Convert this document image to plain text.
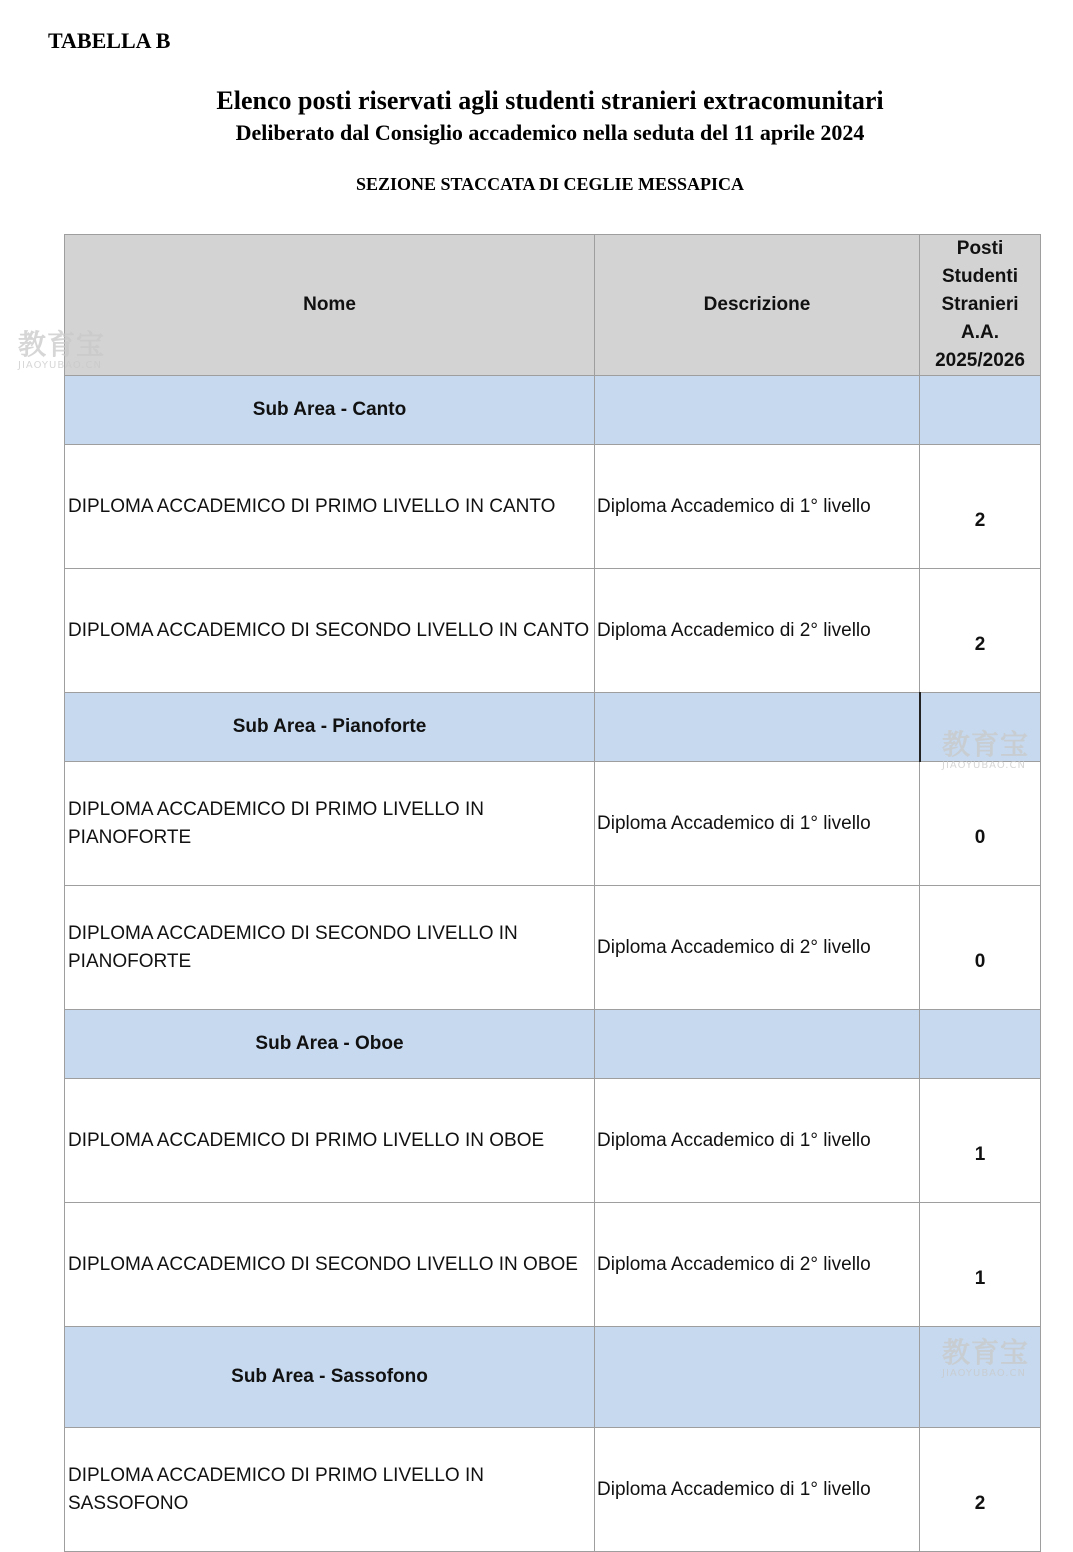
TABELLA B
Elenco posti riservati agli studenti stranieri extracomunitari
Deliberato dal Consiglio accademico nella seduta del 11 aprile 2024
SEZIONE STACCATA DI CEGLIE MESSAPICA
Nome	Descrizione	Posti Studenti Stranieri A.A. 2025/2026
Sub Area - Canto		
DIPLOMA ACCADEMICO DI PRIMO LIVELLO IN CANTO	Diploma Accademico di 1° livello	2
DIPLOMA ACCADEMICO DI SECONDO LIVELLO IN CANTO	Diploma Accademico di 2° livello	2
Sub Area - Pianoforte		
DIPLOMA ACCADEMICO DI PRIMO LIVELLO IN PIANOFORTE	Diploma Accademico di 1° livello	0
DIPLOMA ACCADEMICO DI SECONDO LIVELLO IN PIANOFORTE	Diploma Accademico di 2° livello	0
Sub Area - Oboe		
DIPLOMA ACCADEMICO DI PRIMO LIVELLO IN OBOE	Diploma Accademico di 1° livello	1
DIPLOMA ACCADEMICO DI SECONDO LIVELLO IN OBOE	Diploma Accademico di 2° livello	1
Sub Area - Sassofono		
DIPLOMA ACCADEMICO DI PRIMO LIVELLO IN SASSOFONO	Diploma Accademico di 1° livello	2
教育宝
JIAOYUBAO.CN
教育宝
JIAOYUBAO.CN
教育宝
JIAOYUBAO.CN
